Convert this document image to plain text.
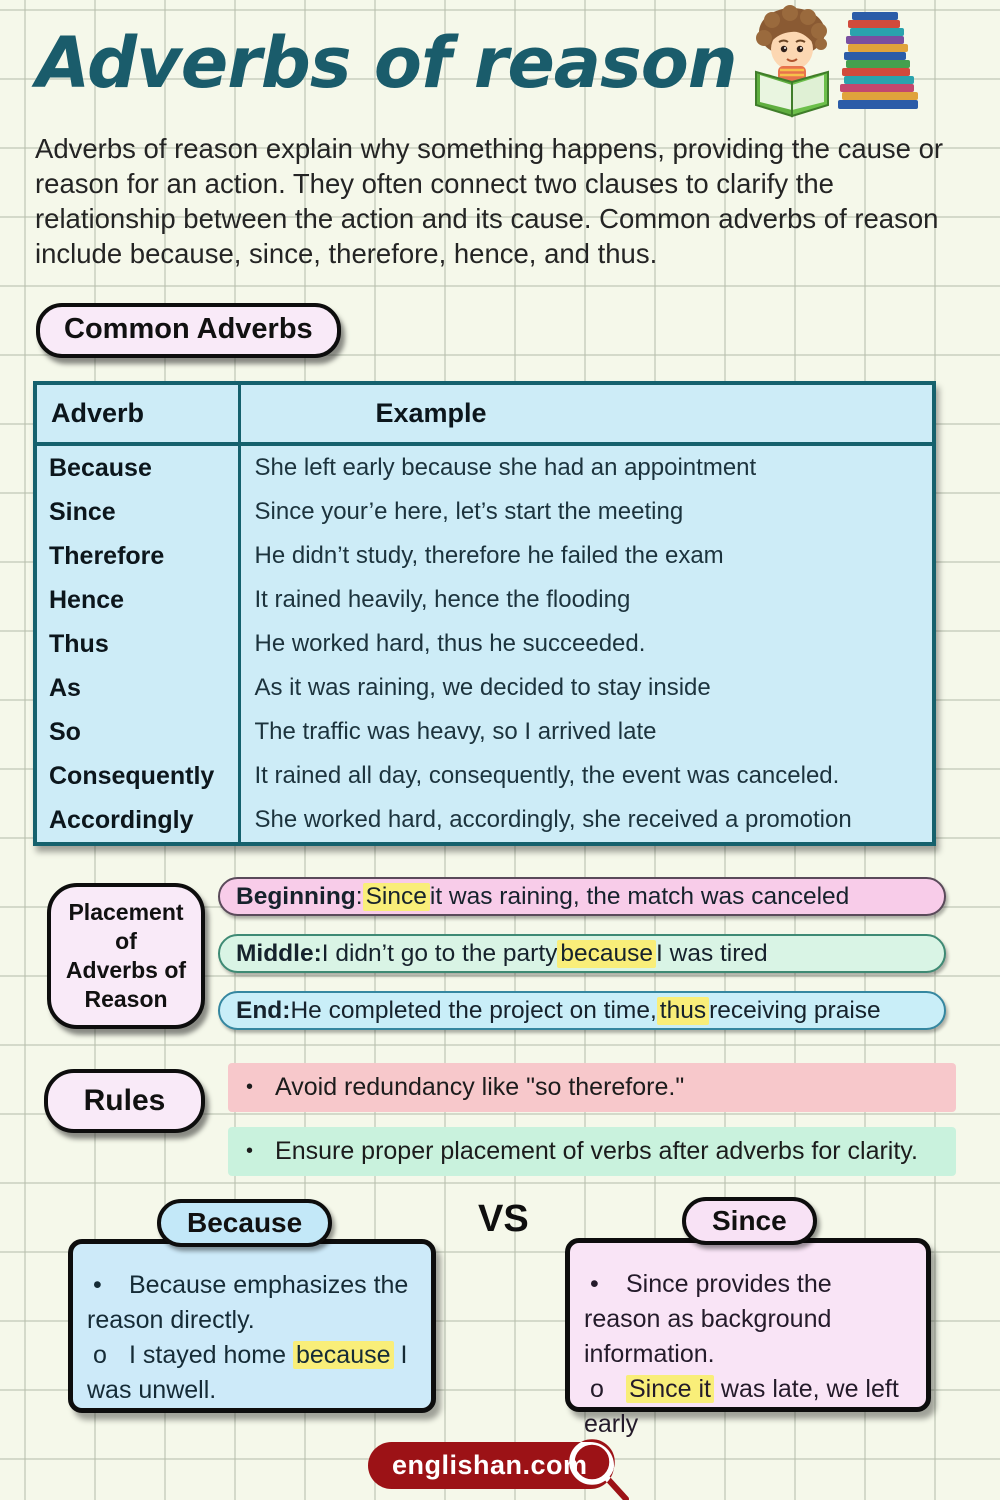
Adverbs of reason
Adverbs of reason explain why something happens, providing the cause or reason for an action. They often connect two clauses to clarify the relationship between the action and its cause. Common adverbs of reason include because, since, therefore, hence, and thus.
Common Adverbs
Adverb	Example
Because	She left early because she had an appointment
Since	Since your’e here, let’s start the meeting
Therefore	He didn’t study, therefore he failed the exam
Hence	It rained heavily, hence the flooding
Thus	He worked hard, thus he succeeded.
As	As it was raining, we decided to stay inside
So	The traffic was heavy, so I arrived late
Consequently	It rained all day, consequently, the event was canceled.
Accordingly	She worked hard, accordingly, she received a promotion
Placement
of
Adverbs of
Reason
Beginning : Since it was raining, the match was canceled
Middle: I didn’t go to the party because I was tired
End: He completed the project on time, thus receiving praise
Rules	• Avoid redundancy like "so therefore."
• Ensure proper placement of verbs after adverbs for clarity.
Because	VS	Since
• Because emphasizes the reason directly.
o I stayed home because I was unwell.
• Since provides the reason as background information.
o Since it was late, we left early
englishan.com
